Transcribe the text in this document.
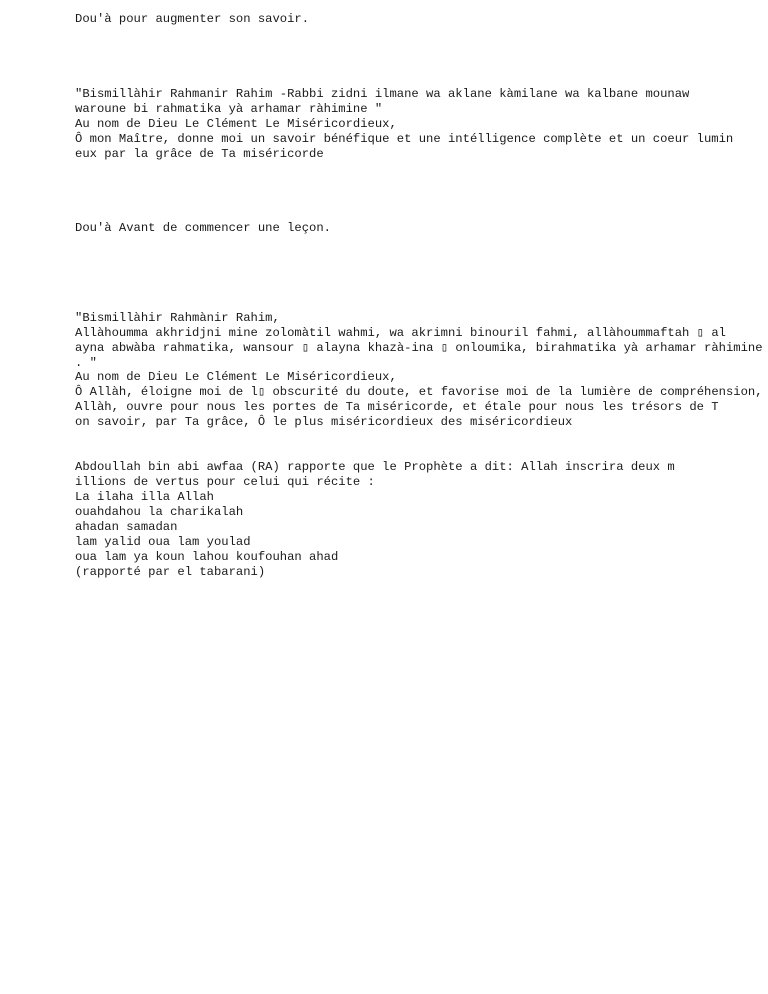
Dou'à pour augmenter son savoir.

"Bismillàhir Rahmanir Rahim -Rabbi zidni ilmane wa aklane kàmilane wa kalbane mounaw

waroune bi rahmatika yà arhamar ràhimine "

Au nom de Dieu Le Clément Le Miséricordieux,

Ô mon Maître, donne moi un savoir bénéfique et une intélligence complète et un coeur lumin

eux par la grâce de Ta miséricorde

Dou'à Avant de commencer une leçon.

"Bismillàhir Rahmànir Rahim,

Allàhoumma akhridjni mine zolomàtil wahmi, wa akrimni binouril fahmi, allàhoummaftah ▯ al

ayna abwàba rahmatika, wansour ▯ alayna khazà-ina ▯ onloumika, birahmatika yà arhamar ràhimine

. "

Au nom de Dieu Le Clément Le Miséricordieux,

Ô Allàh, éloigne moi de l▯ obscurité du doute, et favorise moi de la lumière de compréhension,

Allàh, ouvre pour nous les portes de Ta miséricorde, et étale pour nous les trésors de T

on savoir, par Ta grâce, Ô le plus miséricordieux des miséricordieux

Abdoullah bin abi awfaa (RA) rapporte que le Prophète a dit: Allah inscrira deux m

illions de vertus pour celui qui récite :

La ilaha illa Allah

ouahdahou la charikalah

ahadan samadan

lam yalid oua lam youlad

oua lam ya koun lahou koufouhan ahad

(rapporté par el tabarani)
